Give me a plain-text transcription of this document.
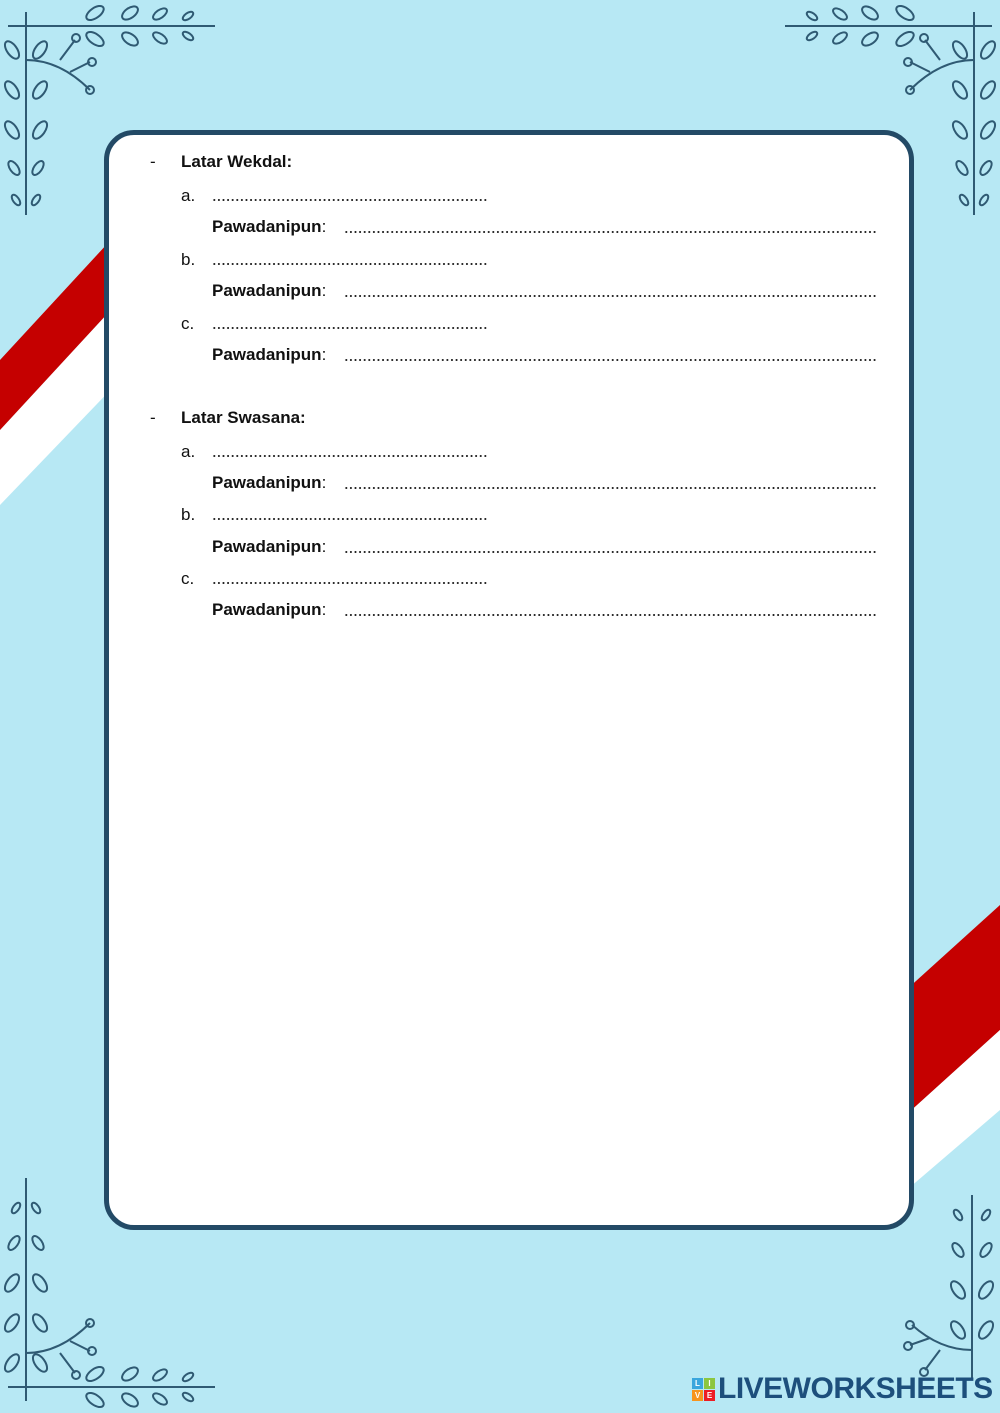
- Latar Wekdal:
a.
Pawadanipun:
b.
Pawadanipun:
c.
Pawadanipun:
- Latar Swasana:
a.
Pawadanipun:
b.
Pawadanipun:
c.
Pawadanipun:
L	I
V E LIVEWORKSHEETS
